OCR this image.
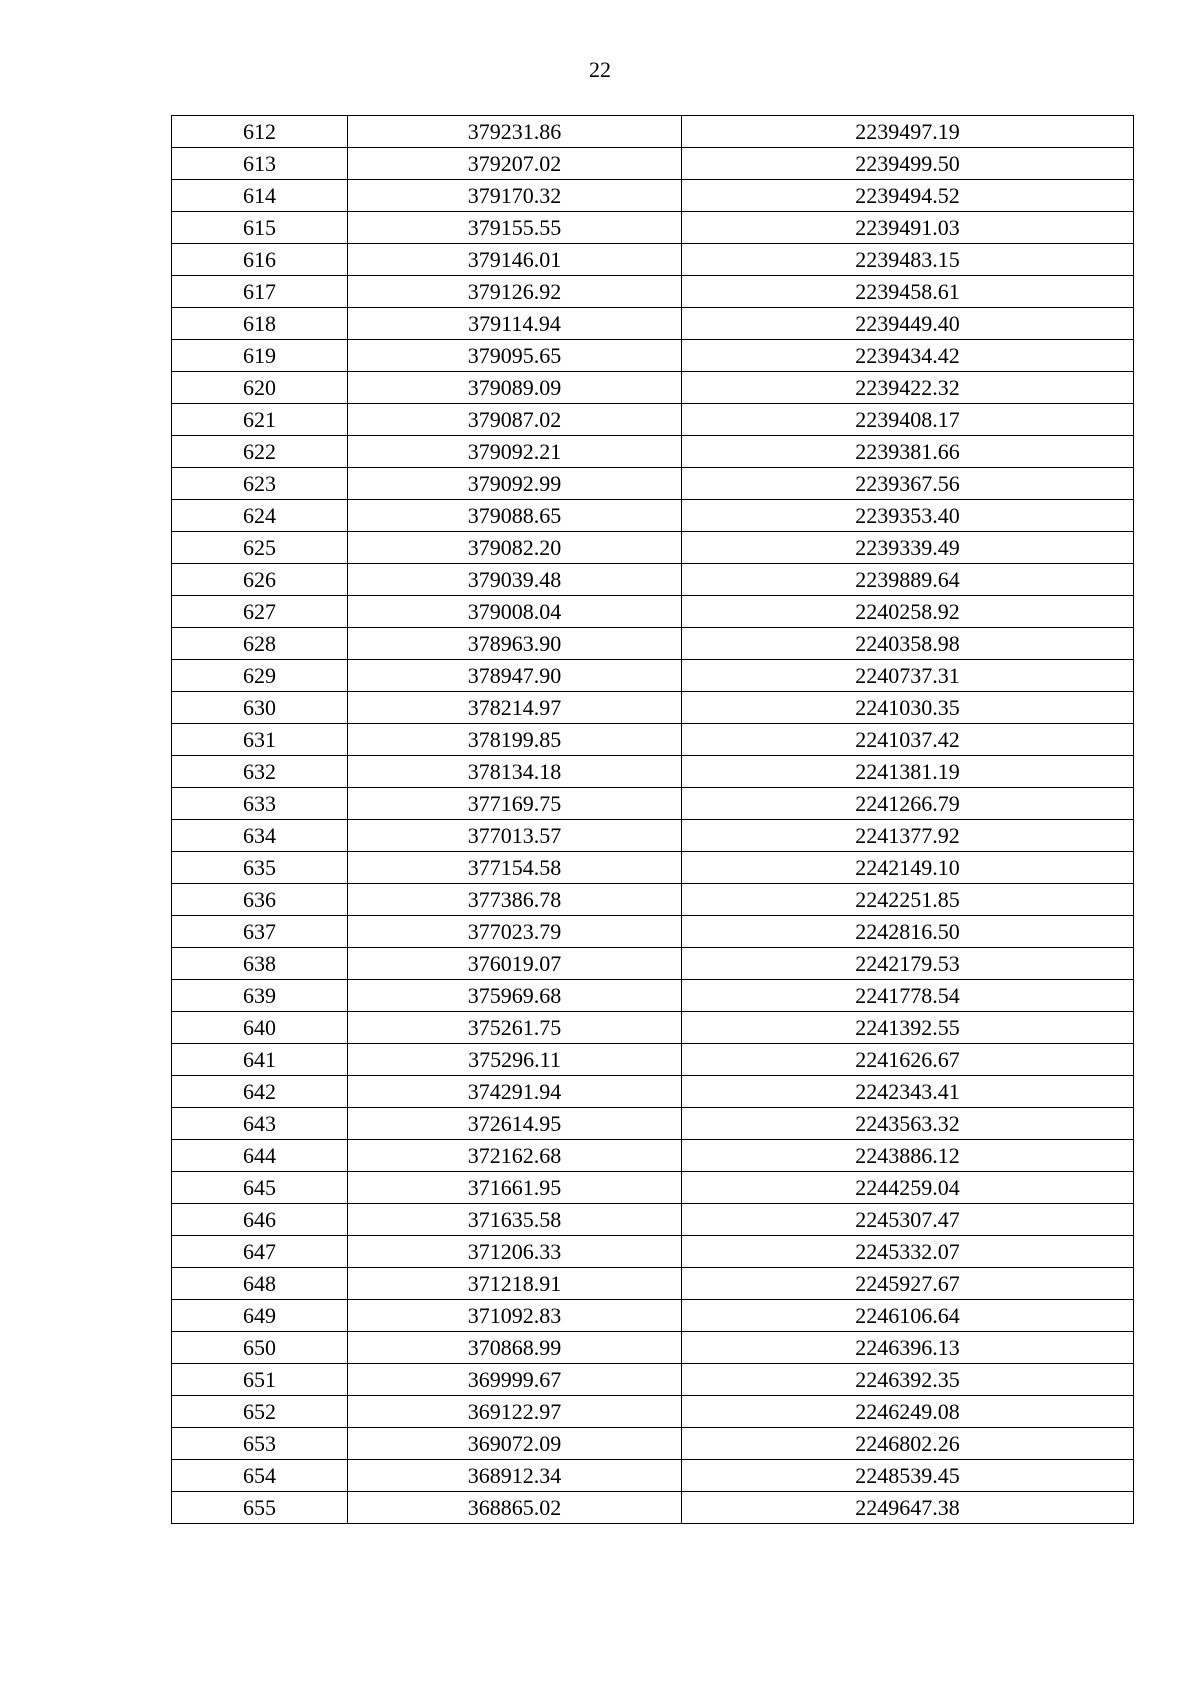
22
612	379231.86	2239497.19
613	379207.02	2239499.50
614	379170.32	2239494.52
615	379155.55	2239491.03
616	379146.01	2239483.15
617	379126.92	2239458.61
618	379114.94	2239449.40
619	379095.65	2239434.42
620	379089.09	2239422.32
621	379087.02	2239408.17
622	379092.21	2239381.66
623	379092.99	2239367.56
624	379088.65	2239353.40
625	379082.20	2239339.49
626	379039.48	2239889.64
627	379008.04	2240258.92
628	378963.90	2240358.98
629	378947.90	2240737.31
630	378214.97	2241030.35
631	378199.85	2241037.42
632	378134.18	2241381.19
633	377169.75	2241266.79
634	377013.57	2241377.92
635	377154.58	2242149.10
636	377386.78	2242251.85
637	377023.79	2242816.50
638	376019.07	2242179.53
639	375969.68	2241778.54
640	375261.75	2241392.55
641	375296.11	2241626.67
642	374291.94	2242343.41
643	372614.95	2243563.32
644	372162.68	2243886.12
645	371661.95	2244259.04
646	371635.58	2245307.47
647	371206.33	2245332.07
648	371218.91	2245927.67
649	371092.83	2246106.64
650	370868.99	2246396.13
651	369999.67	2246392.35
652	369122.97	2246249.08
653	369072.09	2246802.26
654	368912.34	2248539.45
655	368865.02	2249647.38
